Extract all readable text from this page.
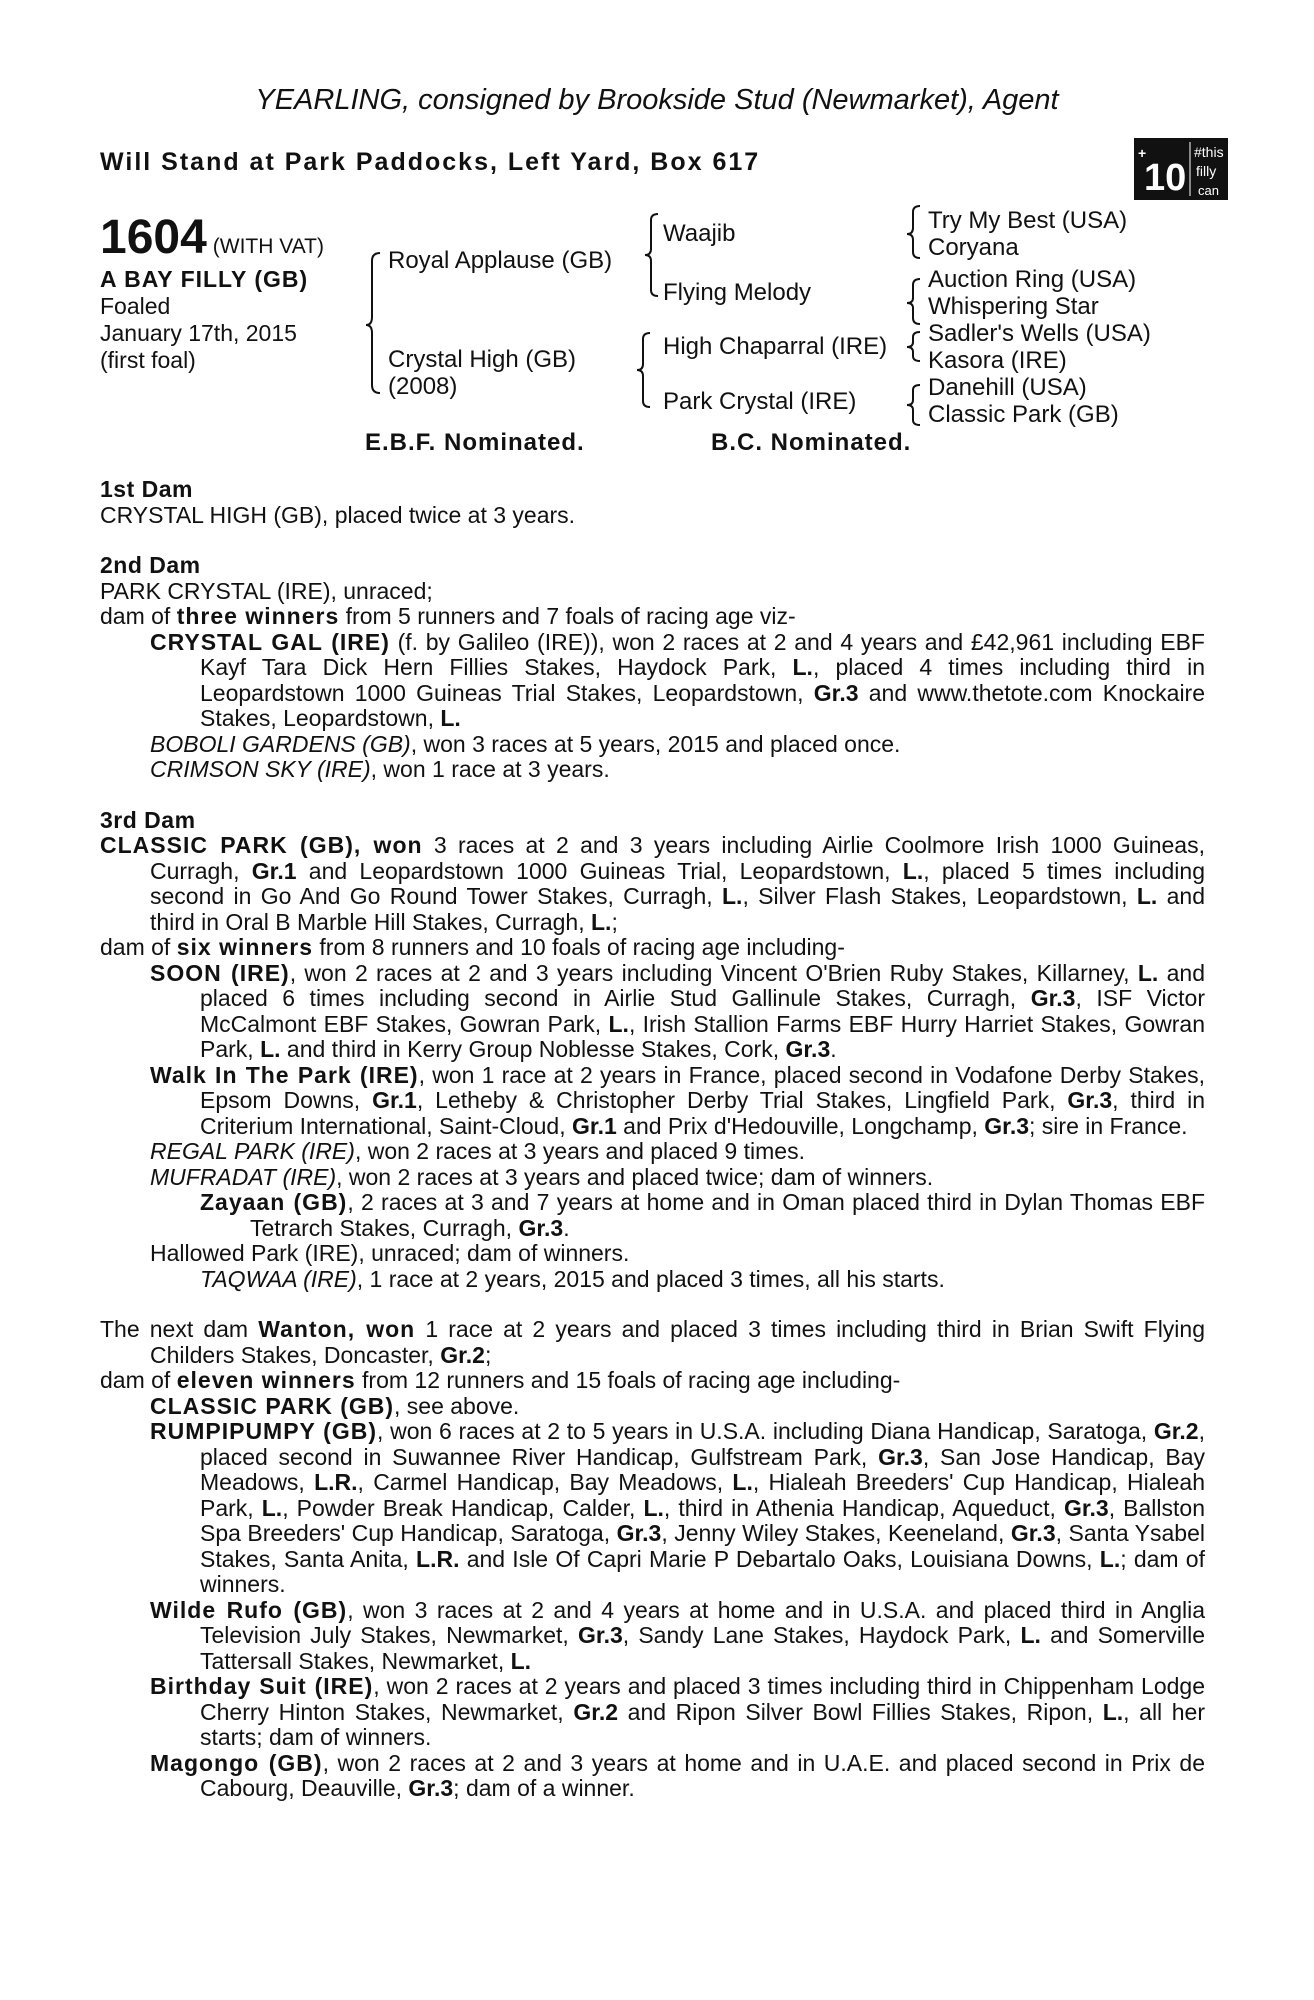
YEARLING, consigned by Brookside Stud (Newmarket), Agent
Will Stand at Park Paddocks, Left Yard, Box 617	+
10
#this
filly
can
1604 (WITH VAT)
A BAY FILLY (GB)
Foaled
January 17th, 2015
(first foal)
Royal Applause (GB)
Crystal High (GB)
(2008)
Waajib
Flying Melody
High Chaparral (IRE)
Park Crystal (IRE)
Try My Best (USA)
Coryana
Auction Ring (USA)
Whispering Star
Sadler's Wells (USA)
Kasora (IRE)
Danehill (USA)
Classic Park (GB)
E.B.F. Nominated.	B.C. Nominated.

1st Dam

CRYSTAL HIGH (GB), placed twice at 3 years.

2nd Dam

PARK CRYSTAL (IRE), unraced;

dam of three winners from 5 runners and 7 foals of racing age viz-

CRYSTAL GAL (IRE) (f. by Galileo (IRE)), won 2 races at 2 and 4 years and £42,961 including EBF Kayf Tara Dick Hern Fillies Stakes, Haydock Park, L., placed 4 times including third in Leopardstown 1000 Guineas Trial Stakes, Leopardstown, Gr.3 and www.thetote.com Knockaire Stakes, Leopardstown, L.

BOBOLI GARDENS (GB), won 3 races at 5 years, 2015 and placed once.

CRIMSON SKY (IRE), won 1 race at 3 years.

3rd Dam

CLASSIC PARK (GB), won 3 races at 2 and 3 years including Airlie Coolmore Irish 1000 Guineas, Curragh, Gr.1 and Leopardstown 1000 Guineas Trial, Leopardstown, L., placed 5 times including second in Go And Go Round Tower Stakes, Curragh, L., Silver Flash Stakes, Leopardstown, L. and third in Oral B Marble Hill Stakes, Curragh, L.;

dam of six winners from 8 runners and 10 foals of racing age including-

SOON (IRE), won 2 races at 2 and 3 years including Vincent O'Brien Ruby Stakes, Killarney, L. and placed 6 times including second in Airlie Stud Gallinule Stakes, Curragh, Gr.3, ISF Victor McCalmont EBF Stakes, Gowran Park, L., Irish Stallion Farms EBF Hurry Harriet Stakes, Gowran Park, L. and third in Kerry Group Noblesse Stakes, Cork, Gr.3.

Walk In The Park (IRE), won 1 race at 2 years in France, placed second in Vodafone Derby Stakes, Epsom Downs, Gr.1, Letheby & Christopher Derby Trial Stakes, Lingfield Park, Gr.3, third in Criterium International, Saint-Cloud, Gr.1 and Prix d'Hedouville, Longchamp, Gr.3; sire in France.

REGAL PARK (IRE), won 2 races at 3 years and placed 9 times.

MUFRADAT (IRE), won 2 races at 3 years and placed twice; dam of winners.

Zayaan (GB), 2 races at 3 and 7 years at home and in Oman placed third in Dylan Thomas EBF Tetrarch Stakes, Curragh, Gr.3.

Hallowed Park (IRE), unraced; dam of winners.

TAQWAA (IRE), 1 race at 2 years, 2015 and placed 3 times, all his starts.

The next dam Wanton, won 1 race at 2 years and placed 3 times including third in Brian Swift Flying Childers Stakes, Doncaster, Gr.2;

dam of eleven winners from 12 runners and 15 foals of racing age including-

CLASSIC PARK (GB), see above.

RUMPIPUMPY (GB), won 6 races at 2 to 5 years in U.S.A. including Diana Handicap, Saratoga, Gr.2, placed second in Suwannee River Handicap, Gulfstream Park, Gr.3, San Jose Handicap, Bay Meadows, L.R., Carmel Handicap, Bay Meadows, L., Hialeah Breeders' Cup Handicap, Hialeah Park, L., Powder Break Handicap, Calder, L., third in Athenia Handicap, Aqueduct, Gr.3, Ballston Spa Breeders' Cup Handicap, Saratoga, Gr.3, Jenny Wiley Stakes, Keeneland, Gr.3, Santa Ysabel Stakes, Santa Anita, L.R. and Isle Of Capri Marie P Debartalo Oaks, Louisiana Downs, L.; dam of winners.

Wilde Rufo (GB), won 3 races at 2 and 4 years at home and in U.S.A. and placed third in Anglia Television July Stakes, Newmarket, Gr.3, Sandy Lane Stakes, Haydock Park, L. and Somerville Tattersall Stakes, Newmarket, L.

Birthday Suit (IRE), won 2 races at 2 years and placed 3 times including third in Chippenham Lodge Cherry Hinton Stakes, Newmarket, Gr.2 and Ripon Silver Bowl Fillies Stakes, Ripon, L., all her starts; dam of winners.

Magongo (GB), won 2 races at 2 and 3 years at home and in U.A.E. and placed second in Prix de Cabourg, Deauville, Gr.3; dam of a winner.
